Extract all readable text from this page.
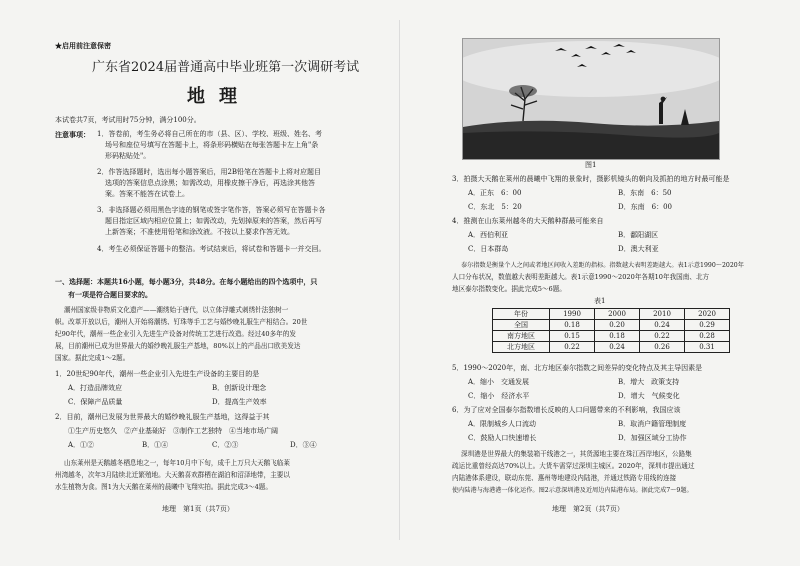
★启用前注意保密
广东省2024届普通高中毕业班第一次调研考试
地理
本试卷共7页，考试用时75分钟，满分100分。
注意事项： 1．答卷前，考生务必将自己所在的市（县、区）、学校、班级、姓名、考
场号和座位号填写在答题卡上，将条形码横贴在每张答题卡左上角"条
形码粘贴处"。
2．作答选择题时，选出每小题答案后，用2B铅笔在答题卡上将对应题目
选项的答案信息点涂黑；如需改动，用橡皮擦干净后，再选涂其他答
案。答案不能答在试卷上。
3．非选择题必须用黑色字迹的钢笔或签字笔作答，答案必须写在答题卡各
题目指定区域内相应位置上；如需改动，先划掉原来的答案，然后再写
上新答案；不准使用铅笔和涂改液。不按以上要求作答无效。
4．考生必须保证答题卡的整洁。考试结束后，将试卷和答题卡一并交回。
一、选择题：本题共16小题，每小题3分，共48分。在每小题给出的四个选项中，只
有一项是符合题目要求的。
潮州国家级非物质文化遗产——潮绣始于唐代，以立体浮雕式刺绣针法独树一
帜。改革开放以后，潮州人开始将潮绣、钉珠等手工艺与婚纱晚礼服生产相结合。20世
纪90年代，潮州一些企业引入先进生产设备对传统工艺进行改造。经过40多年的发
展，目前潮州已成为世界最大的婚纱晚礼服生产基地，80%以上的产品出口欧美发达
国家。据此完成1～2题。
1．20世纪90年代，潮州一些企业引入先进生产设备的主要目的是
A．打造品牌效应	B．创新设计理念
C．保障产品质量	D．提高生产效率
2．目前，潮州已发展为世界最大的婚纱晚礼服生产基地，这得益于其
①生产历史悠久　②产业基础好　③制作工艺独特　④当地市场广阔
A．①②	B．①④	C．②③	D．③④
山东莱州是天鹅越冬栖息地之一，每年10月中下旬，成千上万只大天鹅飞临莱
州湾越冬，次年3月陆续北迁繁殖地。大天鹅喜欢群栖在湖泊和沼泽地带，主要以
水生植物为食。图1为大天鹅在莱州的晨曦中飞翔实拍。据此完成3～4题。
地理　第1页（共7页）
图1
3．拍摄大天鹅在莱州的晨曦中飞翔的景象时，摄影机镜头的朝向及抓拍的地方时最可能是
A．正东　6：00	B．东南　6：50
C．东北　5：20	D．东南　6：00
4．推测在山东莱州越冬的大天鹅种群最可能来自
A．西伯利亚	B．鄱阳湖区
C．日本群岛	D．澳大利亚
泰尔指数是衡量个人之间或者地区间收入差距的指标。指数越大表明差距越大。表1示意1990～2020年
人口分布状况，数值越大表明差距越大。表1示意1990～2020年各期10年我国南、北方
地区泰尔指数变化。据此完成5～6题。
表1
年份	1990	2000	2010	2020
全国	0.18	0.20	0.24	0.29
南方地区	0.15	0.18	0.22	0.28
北方地区	0.22	0.24	0.26	0.31
5．1990～2020年，南、北方地区泰尔指数之间差异的变化特点及其主导因素是
A．缩小　交通发展	B．增大　政策支持
C．缩小　经济水平	D．增大　气候变化
6．为了应对全国泰尔指数增长反映的人口问题带来的不利影响，我国应该
A．限制城乡人口流动	B．取消户籍管理制度
C．鼓励人口快速增长	D．加强区域分工协作
深圳港是世界最大的集装箱干线港之一，其货源地主要在珠江西岸地区，公路集
疏运比重曾经高达70%以上。大货车需穿过深圳主城区。2020年，深圳市提出通过
内陆港体系建设，联动东莞、惠州等地建设内陆港，并通过铁路专用线的连接
使内陆港与海港港一体化运作。图2示意深圳港及近周边内陆港布局。据此完成7～9题。
地理　第2页（共7页）
